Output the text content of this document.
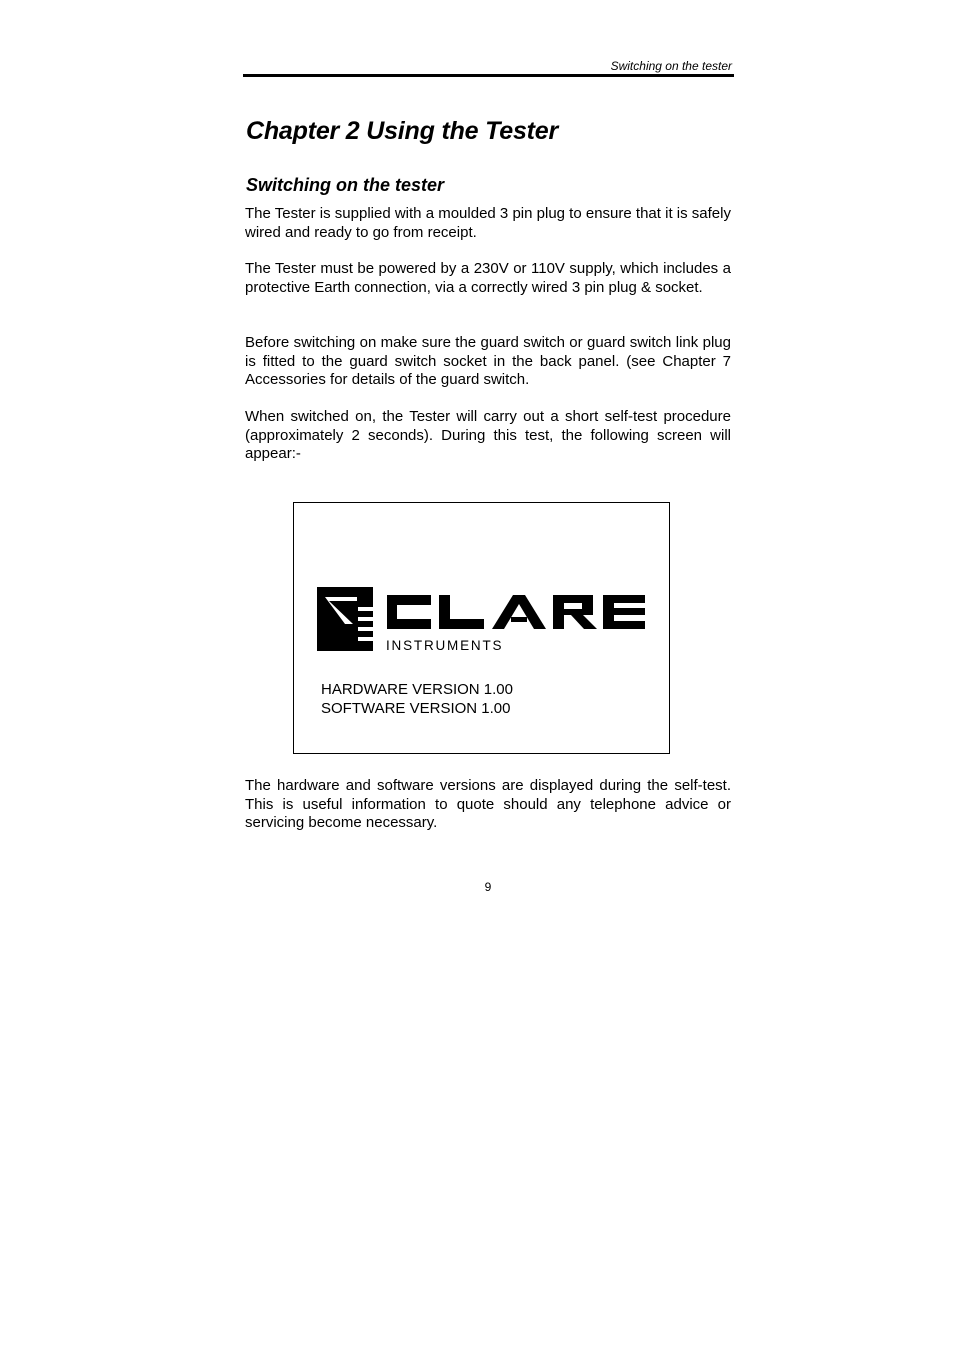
Switching on the tester
Chapter 2 Using the Tester
Switching on the tester

The Tester is supplied with a moulded 3 pin plug to ensure that it is safely wired and ready to go from receipt.

The Tester must be powered by a 230V or 110V supply, which includes a protective Earth connection, via a correctly wired 3 pin plug & socket.

Before switching on make sure the guard switch or guard switch link plug is fitted to the guard switch socket in the back panel. (see Chapter 7 Accessories for details of the guard switch.

When switched on, the Tester will carry out a short self-test procedure (approximately 2 seconds). During this test, the following screen will appear:-

INSTRUMENTS
HARDWARE VERSION 1.00
SOFTWARE VERSION 1.00

The hardware and software versions are displayed during the self-test. This is useful information to quote should any telephone advice or servicing become necessary.

9
